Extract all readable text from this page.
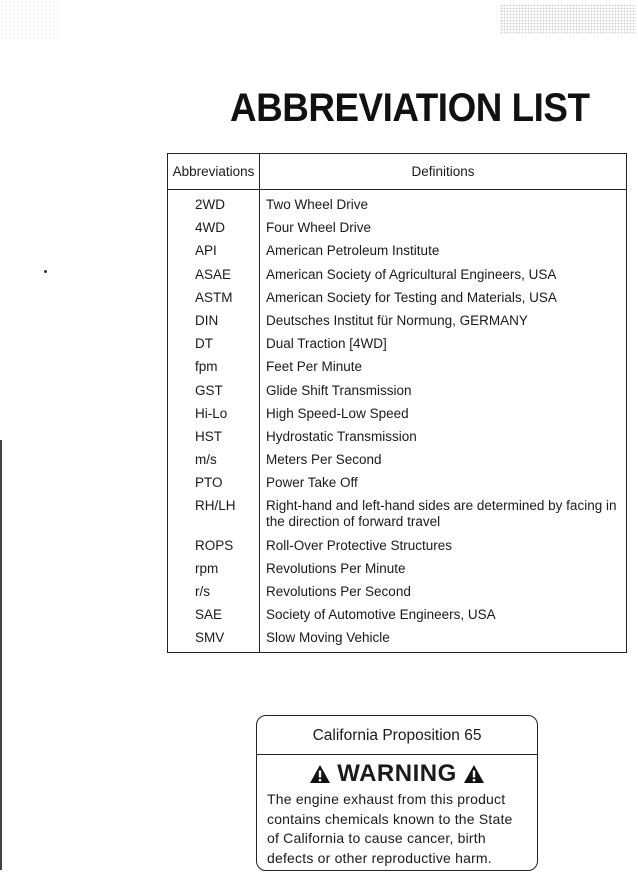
ABBREVIATION LIST
Abbreviations	Definitions
2WD	Two Wheel Drive
4WD	Four Wheel Drive
API	American Petroleum Institute
ASAE	American Society of Agricultural Engineers, USA
ASTM	American Society for Testing and Materials, USA
DIN	Deutsches Institut für Normung, GERMANY
DT	Dual Traction [4WD]
fpm	Feet Per Minute
GST	Glide Shift Transmission
Hi-Lo	High Speed-Low Speed
HST	Hydrostatic Transmission
m/s	Meters Per Second
PTO	Power Take Off
RH/LH	Right-hand and left-hand sides are determined by facing in the direction of forward travel
ROPS	Roll-Over Protective Structures
rpm	Revolutions Per Minute
r/s	Revolutions Per Second
SAE	Society of Automotive Engineers, USA
SMV	Slow Moving Vehicle
California Proposition 65
WARNING
The engine exhaust from this product
contains chemicals known to the State
of California to cause cancer, birth
defects or other reproductive harm.
